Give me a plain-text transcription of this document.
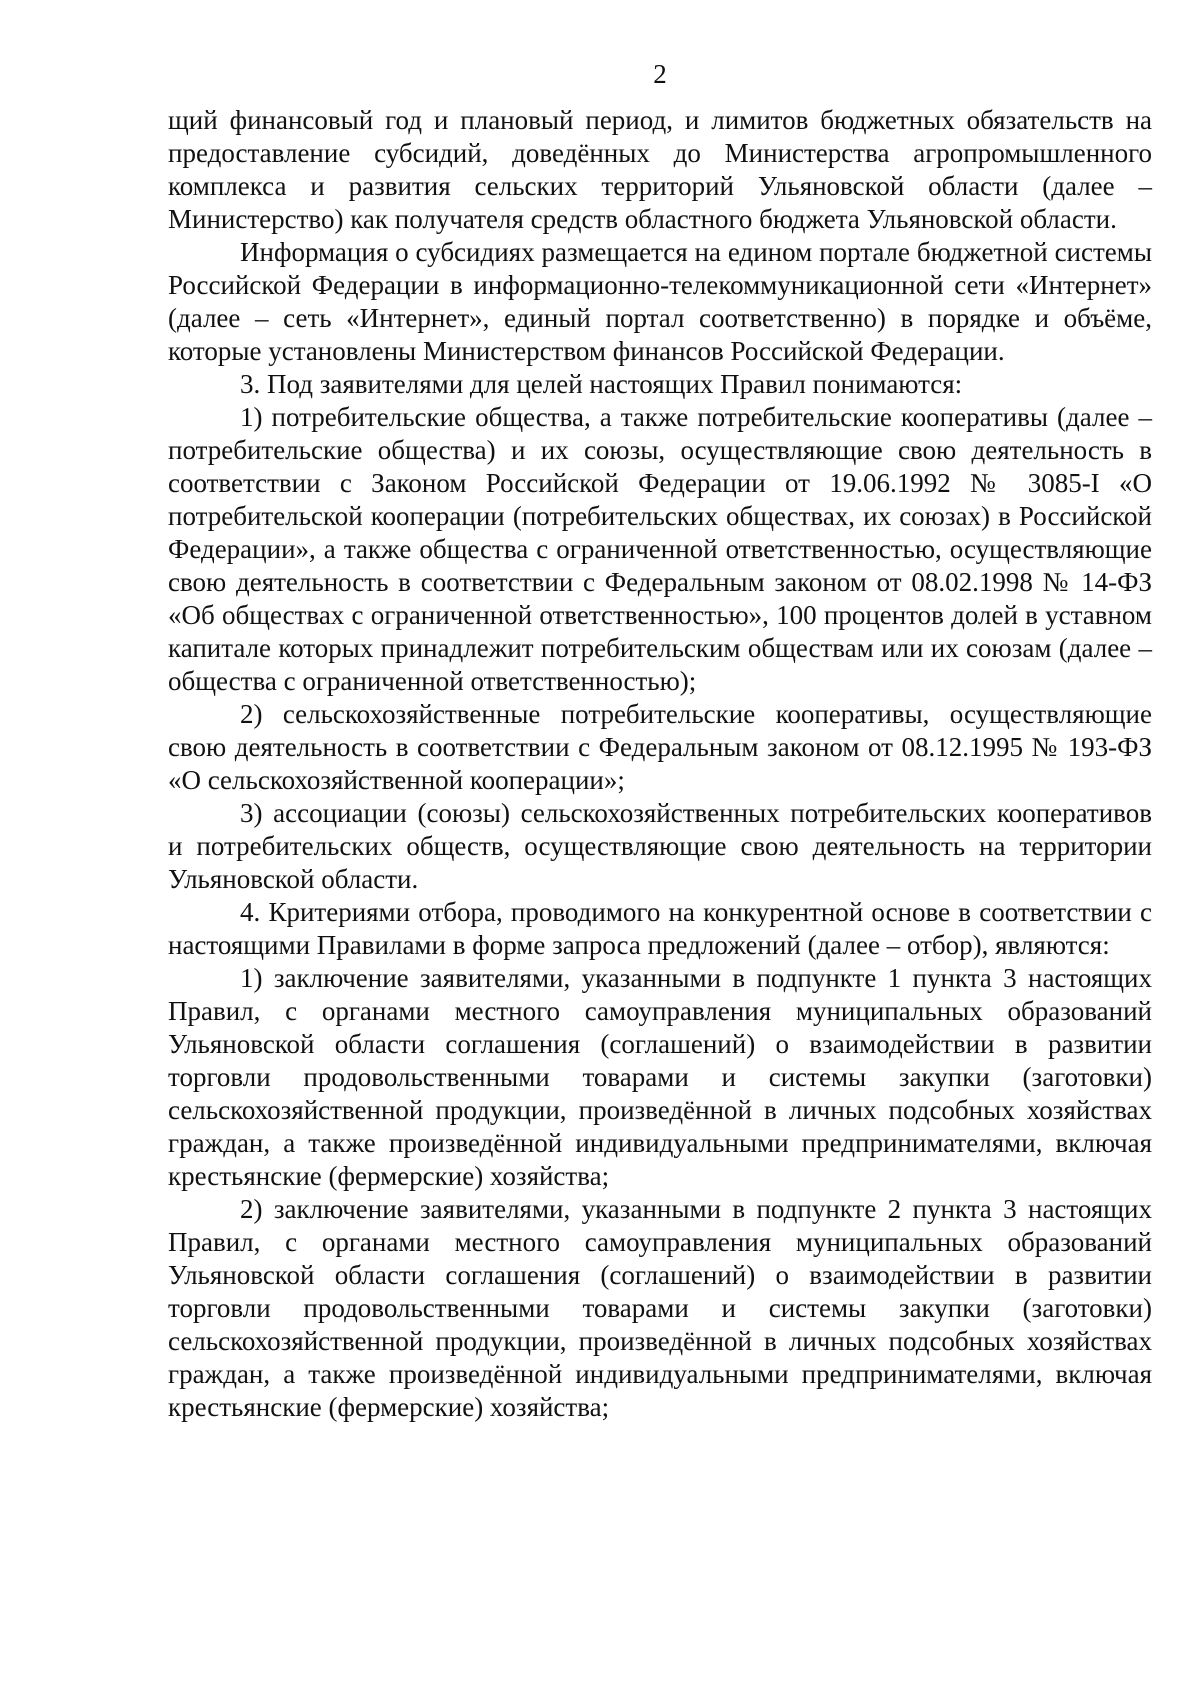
2

щий финансовый год и плановый период, и лимитов бюджетных обязательств на предоставление субсидий, доведённых до Министерства агропромышленного комплекса и развития сельских территорий Ульяновской области (далее – Министерство) как получателя средств областного бюджета Ульяновской области.

Информация о субсидиях размещается на едином портале бюджетной системы Российской Федерации в информационно-телекоммуникационной сети «Интернет» (далее – сеть «Интернет», единый портал соответственно) в порядке и объёме, которые установлены Министерством финансов Российской Федерации.

3. Под заявителями для целей настоящих Правил понимаются:

1) потребительские общества, а также потребительские кооперативы (далее – потребительские общества) и их союзы, осуществляющие свою деятельность в соответствии с Законом Российской Федерации от 19.06.1992 № 3085-I «О потребительской кооперации (потребительских обществах, их союзах) в Российской Федерации», а также общества с ограниченной ответственностью, осуществляющие свою деятельность в соответствии с Федеральным законом от 08.02.1998 № 14-ФЗ «Об обществах с ограниченной ответственностью», 100 процентов долей в уставном капитале которых принадлежит потребительским обществам или их союзам (далее – общества с ограниченной ответственностью);

2) сельскохозяйственные потребительские кооперативы, осуществляющие свою деятельность в соответствии с Федеральным законом от 08.12.1995 № 193-ФЗ «О сельскохозяйственной кооперации»;

3) ассоциации (союзы) сельскохозяйственных потребительских кооперативов и потребительских обществ, осуществляющие свою деятельность на территории Ульяновской области.

4. Критериями отбора, проводимого на конкурентной основе в соответствии с настоящими Правилами в форме запроса предложений (далее – отбор), являются:

1) заключение заявителями, указанными в подпункте 1 пункта 3 настоящих Правил, с органами местного самоуправления муниципальных образований Ульяновской области соглашения (соглашений) о взаимодействии в развитии торговли продовольственными товарами и системы закупки (заготовки) сельскохозяйственной продукции, произведённой в личных подсобных хозяйствах граждан, а также произведённой индивидуальными предпринимателями, включая крестьянские (фермерские) хозяйства;

2) заключение заявителями, указанными в подпункте 2 пункта 3 настоящих Правил, с органами местного самоуправления муниципальных образований Ульяновской области соглашения (соглашений) о взаимодействии в развитии торговли продовольственными товарами и системы закупки (заготовки) сельскохозяйственной продукции, произведённой в личных подсобных хозяйствах граждан, а также произведённой индивидуальными предпринимателями, включая крестьянские (фермерские) хозяйства;
